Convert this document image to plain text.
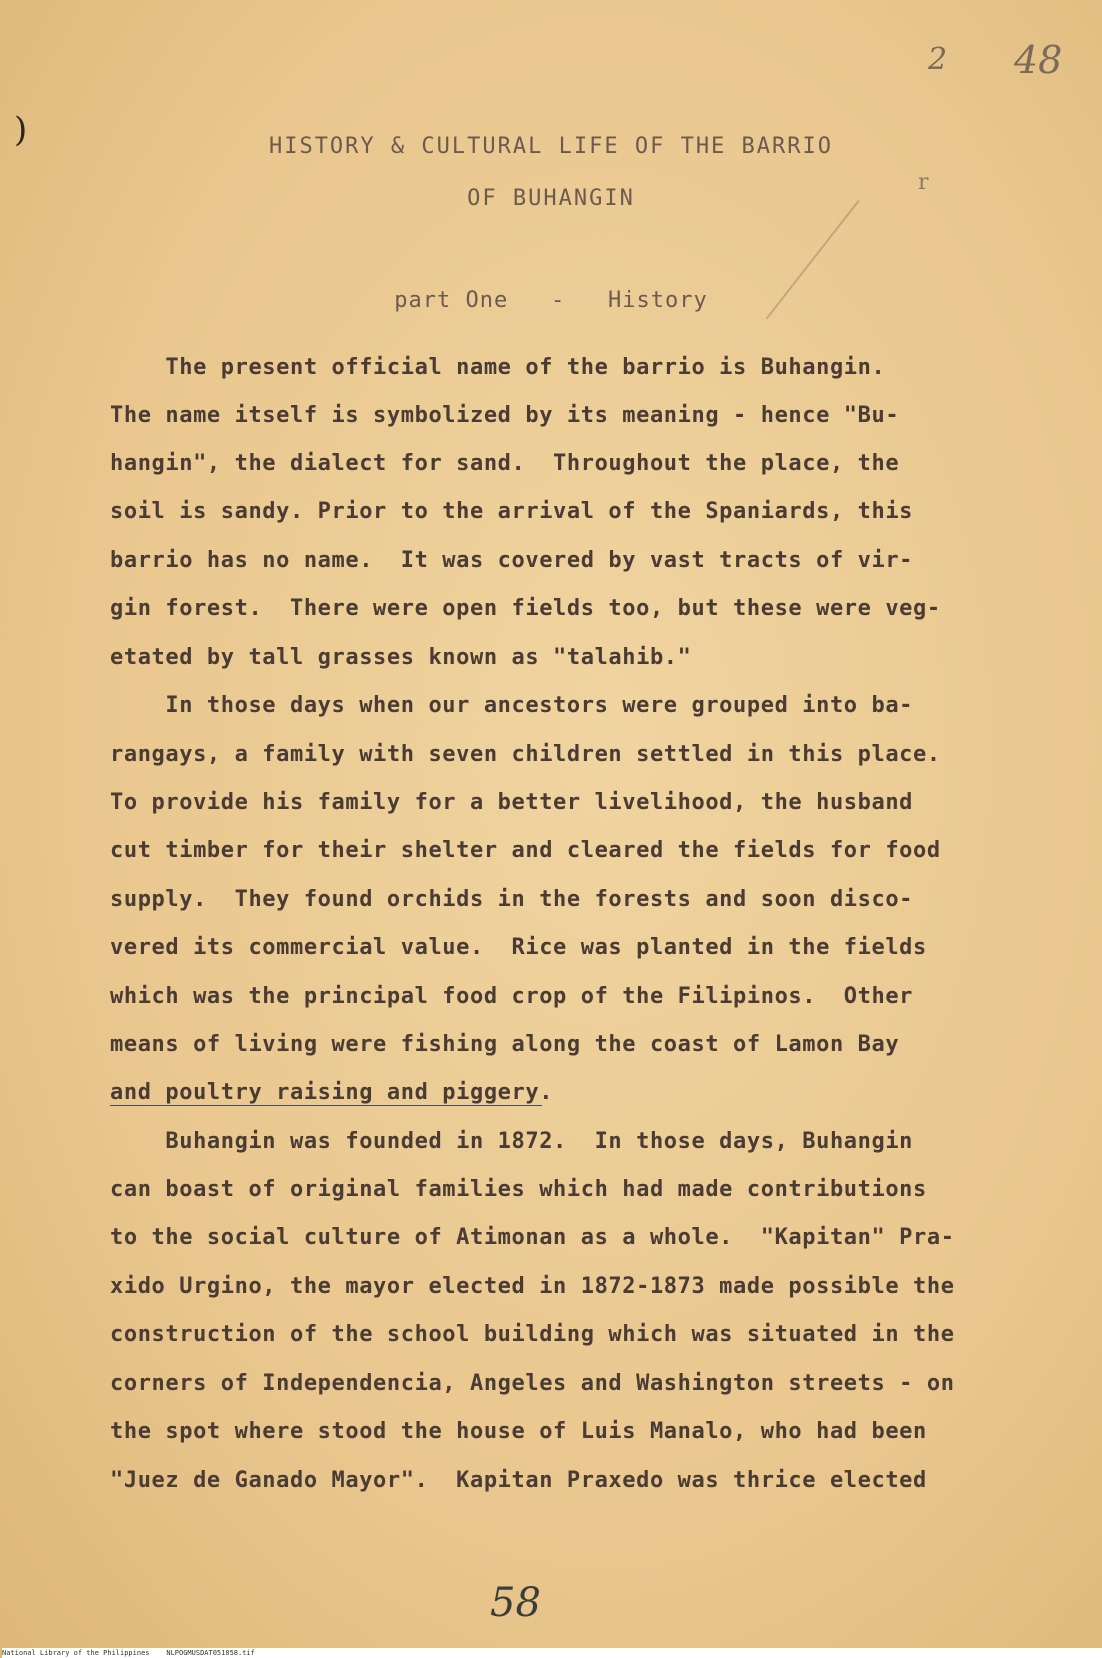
)
2 48
r
HISTORY & CULTURAL LIFE OF THE BARRIO
OF BUHANGIN
part One   -   History
The present official name of the barrio is Buhangin.
The name itself is symbolized by its meaning - hence "Bu-
hangin", the dialect for sand.  Throughout the place, the
soil is sandy. Prior to the arrival of the Spaniards, this
barrio has no name.  It was covered by vast tracts of vir-
gin forest.  There were open fields too, but these were veg-
etated by tall grasses known as "talahib."
In those days when our ancestors were grouped into ba-
rangays, a family with seven children settled in this place.
To provide his family for a better livelihood, the husband
cut timber for their shelter and cleared the fields for food
supply.  They found orchids in the forests and soon disco-
vered its commercial value.  Rice was planted in the fields
which was the principal food crop of the Filipinos.  Other
means of living were fishing along the coast of Lamon Bay
and poultry raising and piggery.
Buhangin was founded in 1872.  In those days, Buhangin
can boast of original families which had made contributions
to the social culture of Atimonan as a whole.  "Kapitan" Pra-
xido Urgino, the mayor elected in 1872-1873 made possible the
construction of the school building which was situated in the
corners of Independencia, Angeles and Washington streets - on
the spot where stood the house of Luis Manalo, who had been
"Juez de Ganado Mayor".  Kapitan Praxedo was thrice elected
58
National Library of the Philippines    NLPOGMUSDAT051058.tif
